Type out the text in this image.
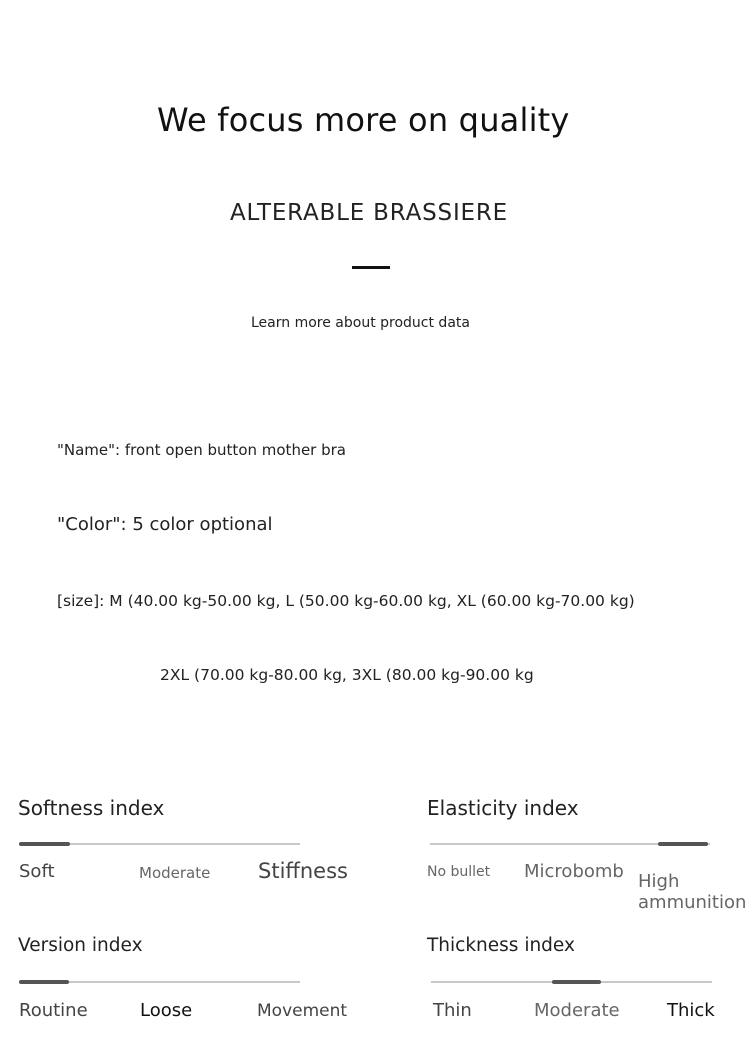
We focus more on quality
ALTERABLE BRASSIERE
Learn more about product data
"Name": front open button mother bra
"Color": 5 color optional
[size]: M (40.00 kg-50.00 kg, L (50.00 kg-60.00 kg, XL (60.00 kg-70.00 kg)
2XL (70.00 kg-80.00 kg, 3XL (80.00 kg-90.00 kg
Softness index
Soft	Moderate Stiffness
Elasticity index
No bullet Microbomb High ammunition
Version index
Routine	Loose	Movement
Thickness index
Thin	Moderate	Thick
